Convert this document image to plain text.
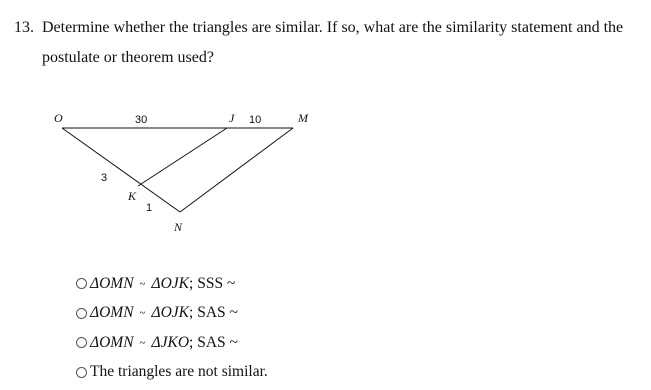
13. Determine whether the triangles are similar. If so, what are the similarity statement and the
postulate or theorem used?
O	30	J 10	M
3
K
1
N
ΔOMN ~ ΔOJK ; SSS ~
ΔOMN ~ ΔOJK ; SAS ~
ΔOMN ~ ΔJKO ; SAS ~
The triangles are not similar.
